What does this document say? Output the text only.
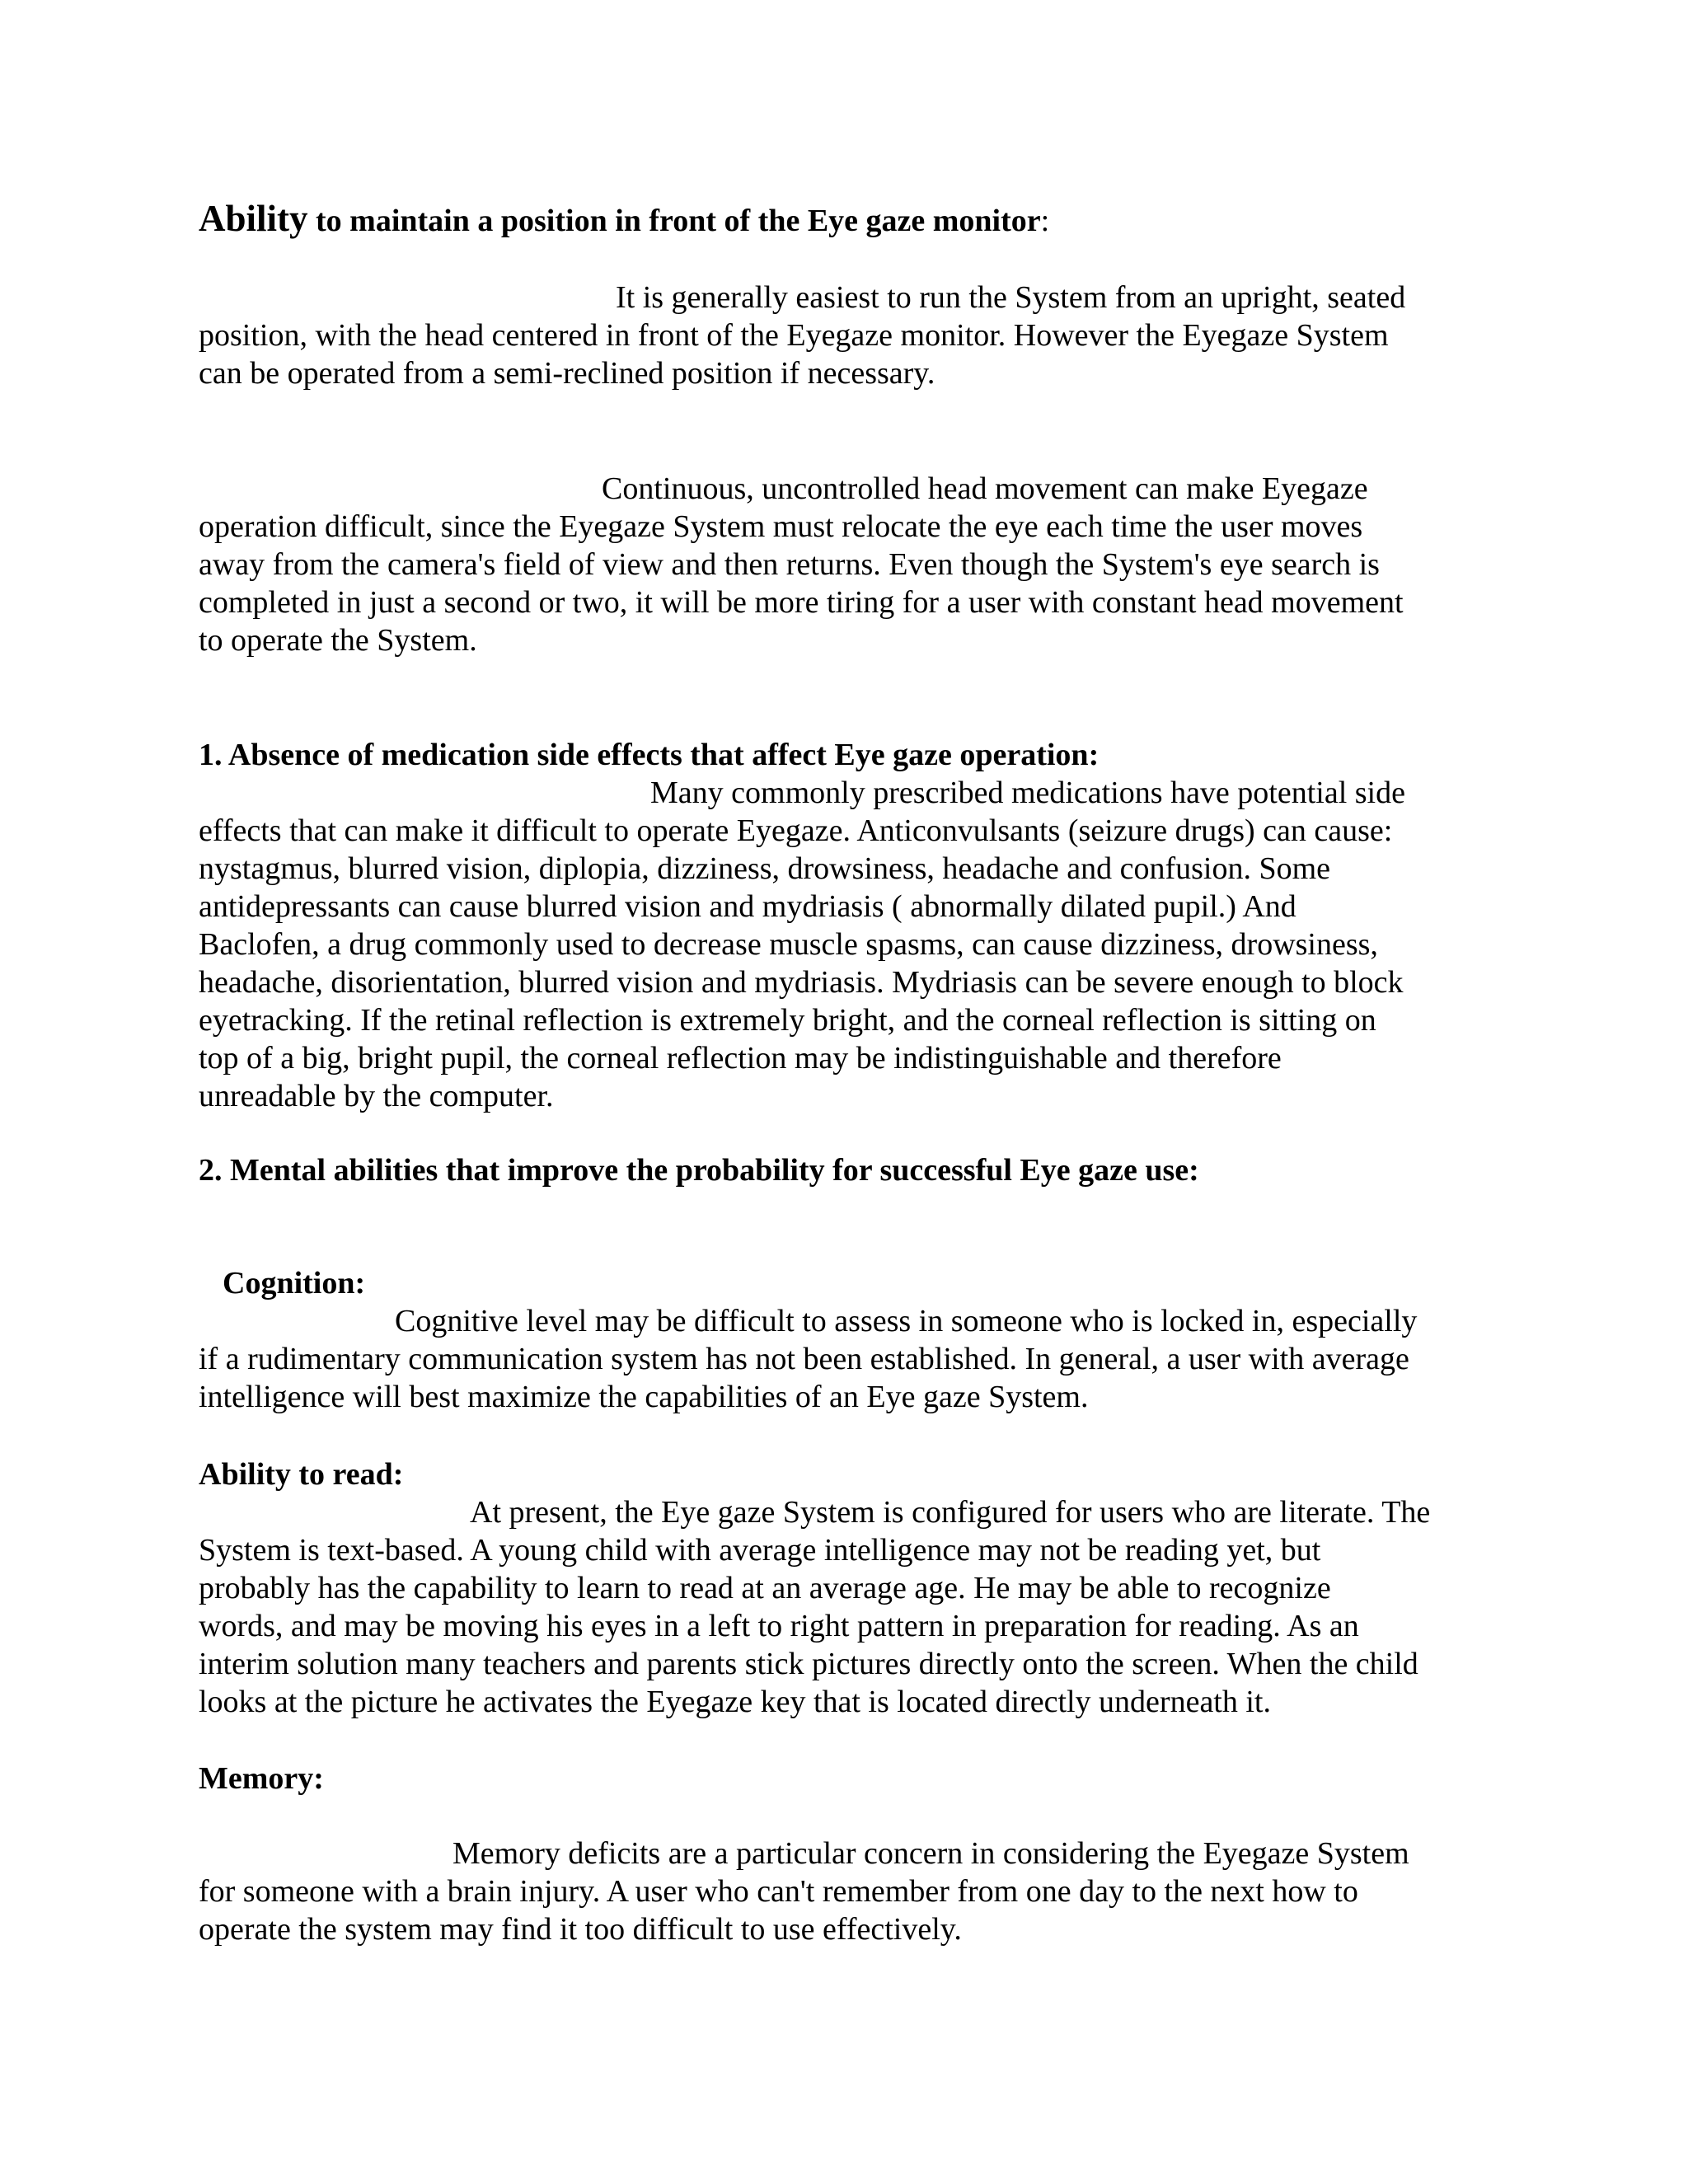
Ability to maintain a position in front of the Eye gaze monitor:

It is generally easiest to run the System from an upright, seated
position, with the head centered in front of the Eyegaze monitor. However the Eyegaze System
can be operated from a semi-reclined position if necessary.

Continuous, uncontrolled head movement can make Eyegaze
operation difficult, since the Eyegaze System must relocate the eye each time the user moves
away from the camera's field of view and then returns. Even though the System's eye search is
completed in just a second or two, it will be more tiring for a user with constant head movement
to operate the System.

1. Absence of medication side effects that affect Eye gaze operation:

Many commonly prescribed medications have potential side
effects that can make it difficult to operate Eyegaze. Anticonvulsants (seizure drugs) can cause:
nystagmus, blurred vision, diplopia, dizziness, drowsiness, headache and confusion. Some
antidepressants can cause blurred vision and mydriasis ( abnormally dilated pupil.) And
Baclofen, a drug commonly used to decrease muscle spasms, can cause dizziness, drowsiness,
headache, disorientation, blurred vision and mydriasis. Mydriasis can be severe enough to block
eyetracking. If the retinal reflection is extremely bright, and the corneal reflection is sitting on
top of a big, bright pupil, the corneal reflection may be indistinguishable and therefore
unreadable by the computer.

2. Mental abilities that improve the probability for successful Eye gaze use:
Cognition:

Cognitive level may be difficult to assess in someone who is locked in, especially
if a rudimentary communication system has not been established. In general, a user with average
intelligence will best maximize the capabilities of an Eye gaze System.

Ability to read:

At present, the Eye gaze System is configured for users who are literate. The
System is text-based. A young child with average intelligence may not be reading yet, but
probably has the capability to learn to read at an average age. He may be able to recognize
words, and may be moving his eyes in a left to right pattern in preparation for reading. As an
interim solution many teachers and parents stick pictures directly onto the screen. When the child
looks at the picture he activates the Eyegaze key that is located directly underneath it.

Memory:

Memory deficits are a particular concern in considering the Eyegaze System
for someone with a brain injury. A user who can't remember from one day to the next how to
operate the system may find it too difficult to use effectively.
